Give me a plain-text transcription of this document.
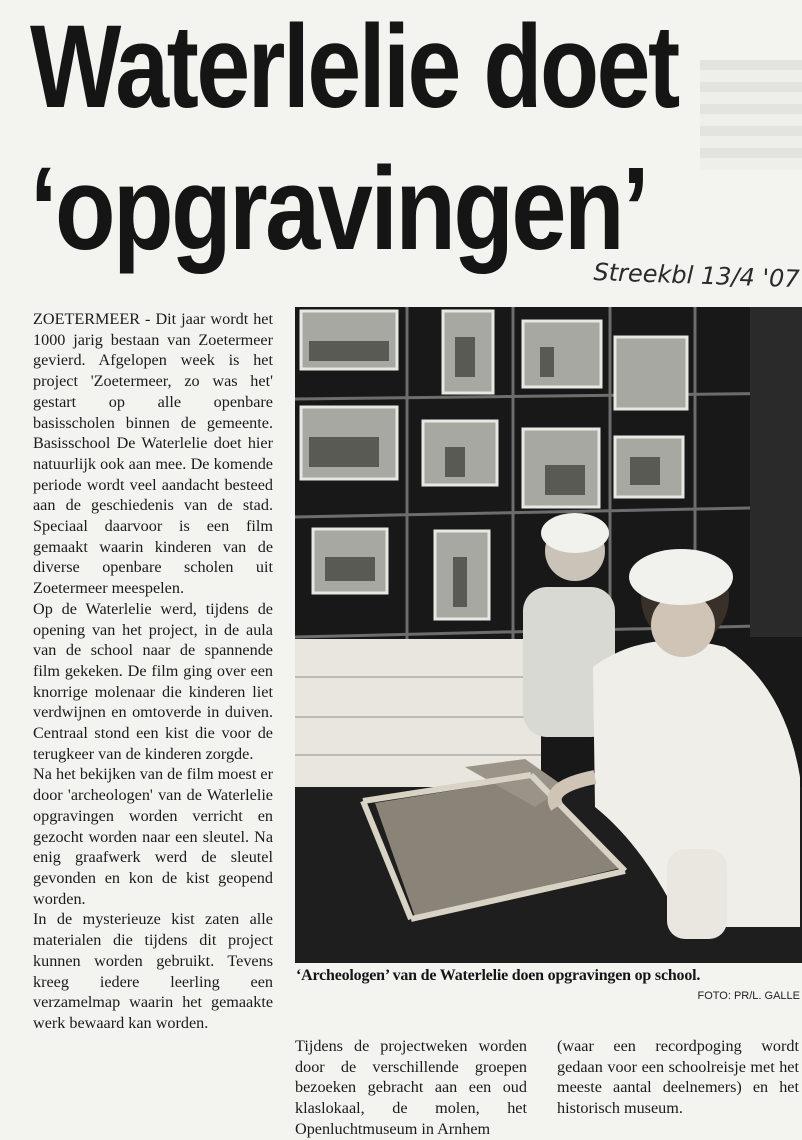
Waterlelie doet
‘opgravingen’

Streekbl 13/4 '07

ZOETERMEER - Dit jaar wordt het 1000 jarig bestaan van Zoetermeer gevierd. Afgelopen week is het project 'Zoetermeer, zo was het' gestart op alle openbare basisscholen binnen de gemeente. Basisschool De Waterlelie doet hier natuurlijk ook aan mee. De komende periode wordt veel aandacht besteed aan de geschiedenis van de stad. Speciaal daarvoor is een film gemaakt waarin kinderen van de diverse openbare scholen uit Zoetermeer meespelen.

Op de Waterlelie werd, tijdens de opening van het project, in de aula van de school naar de spannende film gekeken. De film ging over een knorrige molenaar die kinderen liet verdwijnen en omtoverde in duiven. Centraal stond een kist die voor de terugkeer van de kinderen zorgde.

Na het bekijken van de film moest er door 'archeologen' van de Waterlelie opgravingen worden verricht en gezocht worden naar een sleutel. Na enig graafwerk werd de sleutel gevonden en kon de kist geopend worden.

In de mysterieuze kist zaten alle materialen die tijdens dit project kunnen worden gebruikt. Tevens kreeg iedere leerling een verzamelmap waarin het gemaakte werk bewaard kan worden.

‘Archeologen’ van de Waterlelie doen opgravingen op school.

FOTO: PR/L. GALLE

Tijdens de projectweken worden door de verschillende groepen bezoeken gebracht aan een oud klaslokaal, de molen, het Openluchtmuseum in Arnhem

(waar een recordpoging wordt gedaan voor een schoolreisje met het meeste aantal deelnemers) en het historisch museum.
